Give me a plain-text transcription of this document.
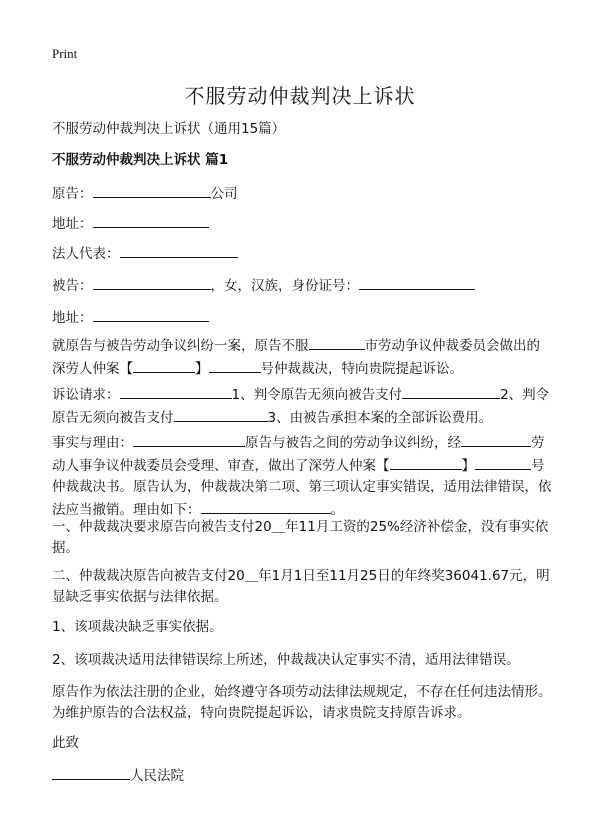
Print
不服劳动仲裁判决上诉状
不服劳动仲裁判决上诉状（通用15篇）
不服劳动仲裁判决上诉状 篇1
原告：	公司
地址：
法人代表：
被告：	，女，汉族，身份证号：
地址：
就原告与被告劳动争议纠纷一案，原告不服	市劳动争议仲裁委员会做出的深劳人仲案【	】	号仲裁裁决，特向贵院提起诉讼。
诉讼请求：	1、判令原告无须向被告支付	2、判令原告无须向被告支付	3、由被告承担本案的全部诉讼费用。
事实与理由：	原告与被告之间的劳动争议纠纷，经	劳动人事争议仲裁委员会受理、审查，做出了深劳人仲案【	】	号仲裁裁决书。原告认为，仲裁裁决第二项、第三项认定事实错误，适用法律错误，依法应当撤销。理由如下：	。
一、仲裁裁决要求原告向被告支付20＿年11月工资的25%经济补偿金，没有事实依据。
二、仲裁裁决原告向被告支付20＿年1月1日至11月25日的年终奖36041.67元，明显缺乏事实依据与法律依据。
1、该项裁决缺乏事实依据。
2、该项裁决适用法律错误综上所述，仲裁裁决认定事实不清，适用法律错误。
原告作为依法注册的企业，始终遵守各项劳动法律法规规定，不存在任何违法情形。为维护原告的合法权益，特向贵院提起诉讼，请求贵院支持原告诉求。
此致
人民法院
